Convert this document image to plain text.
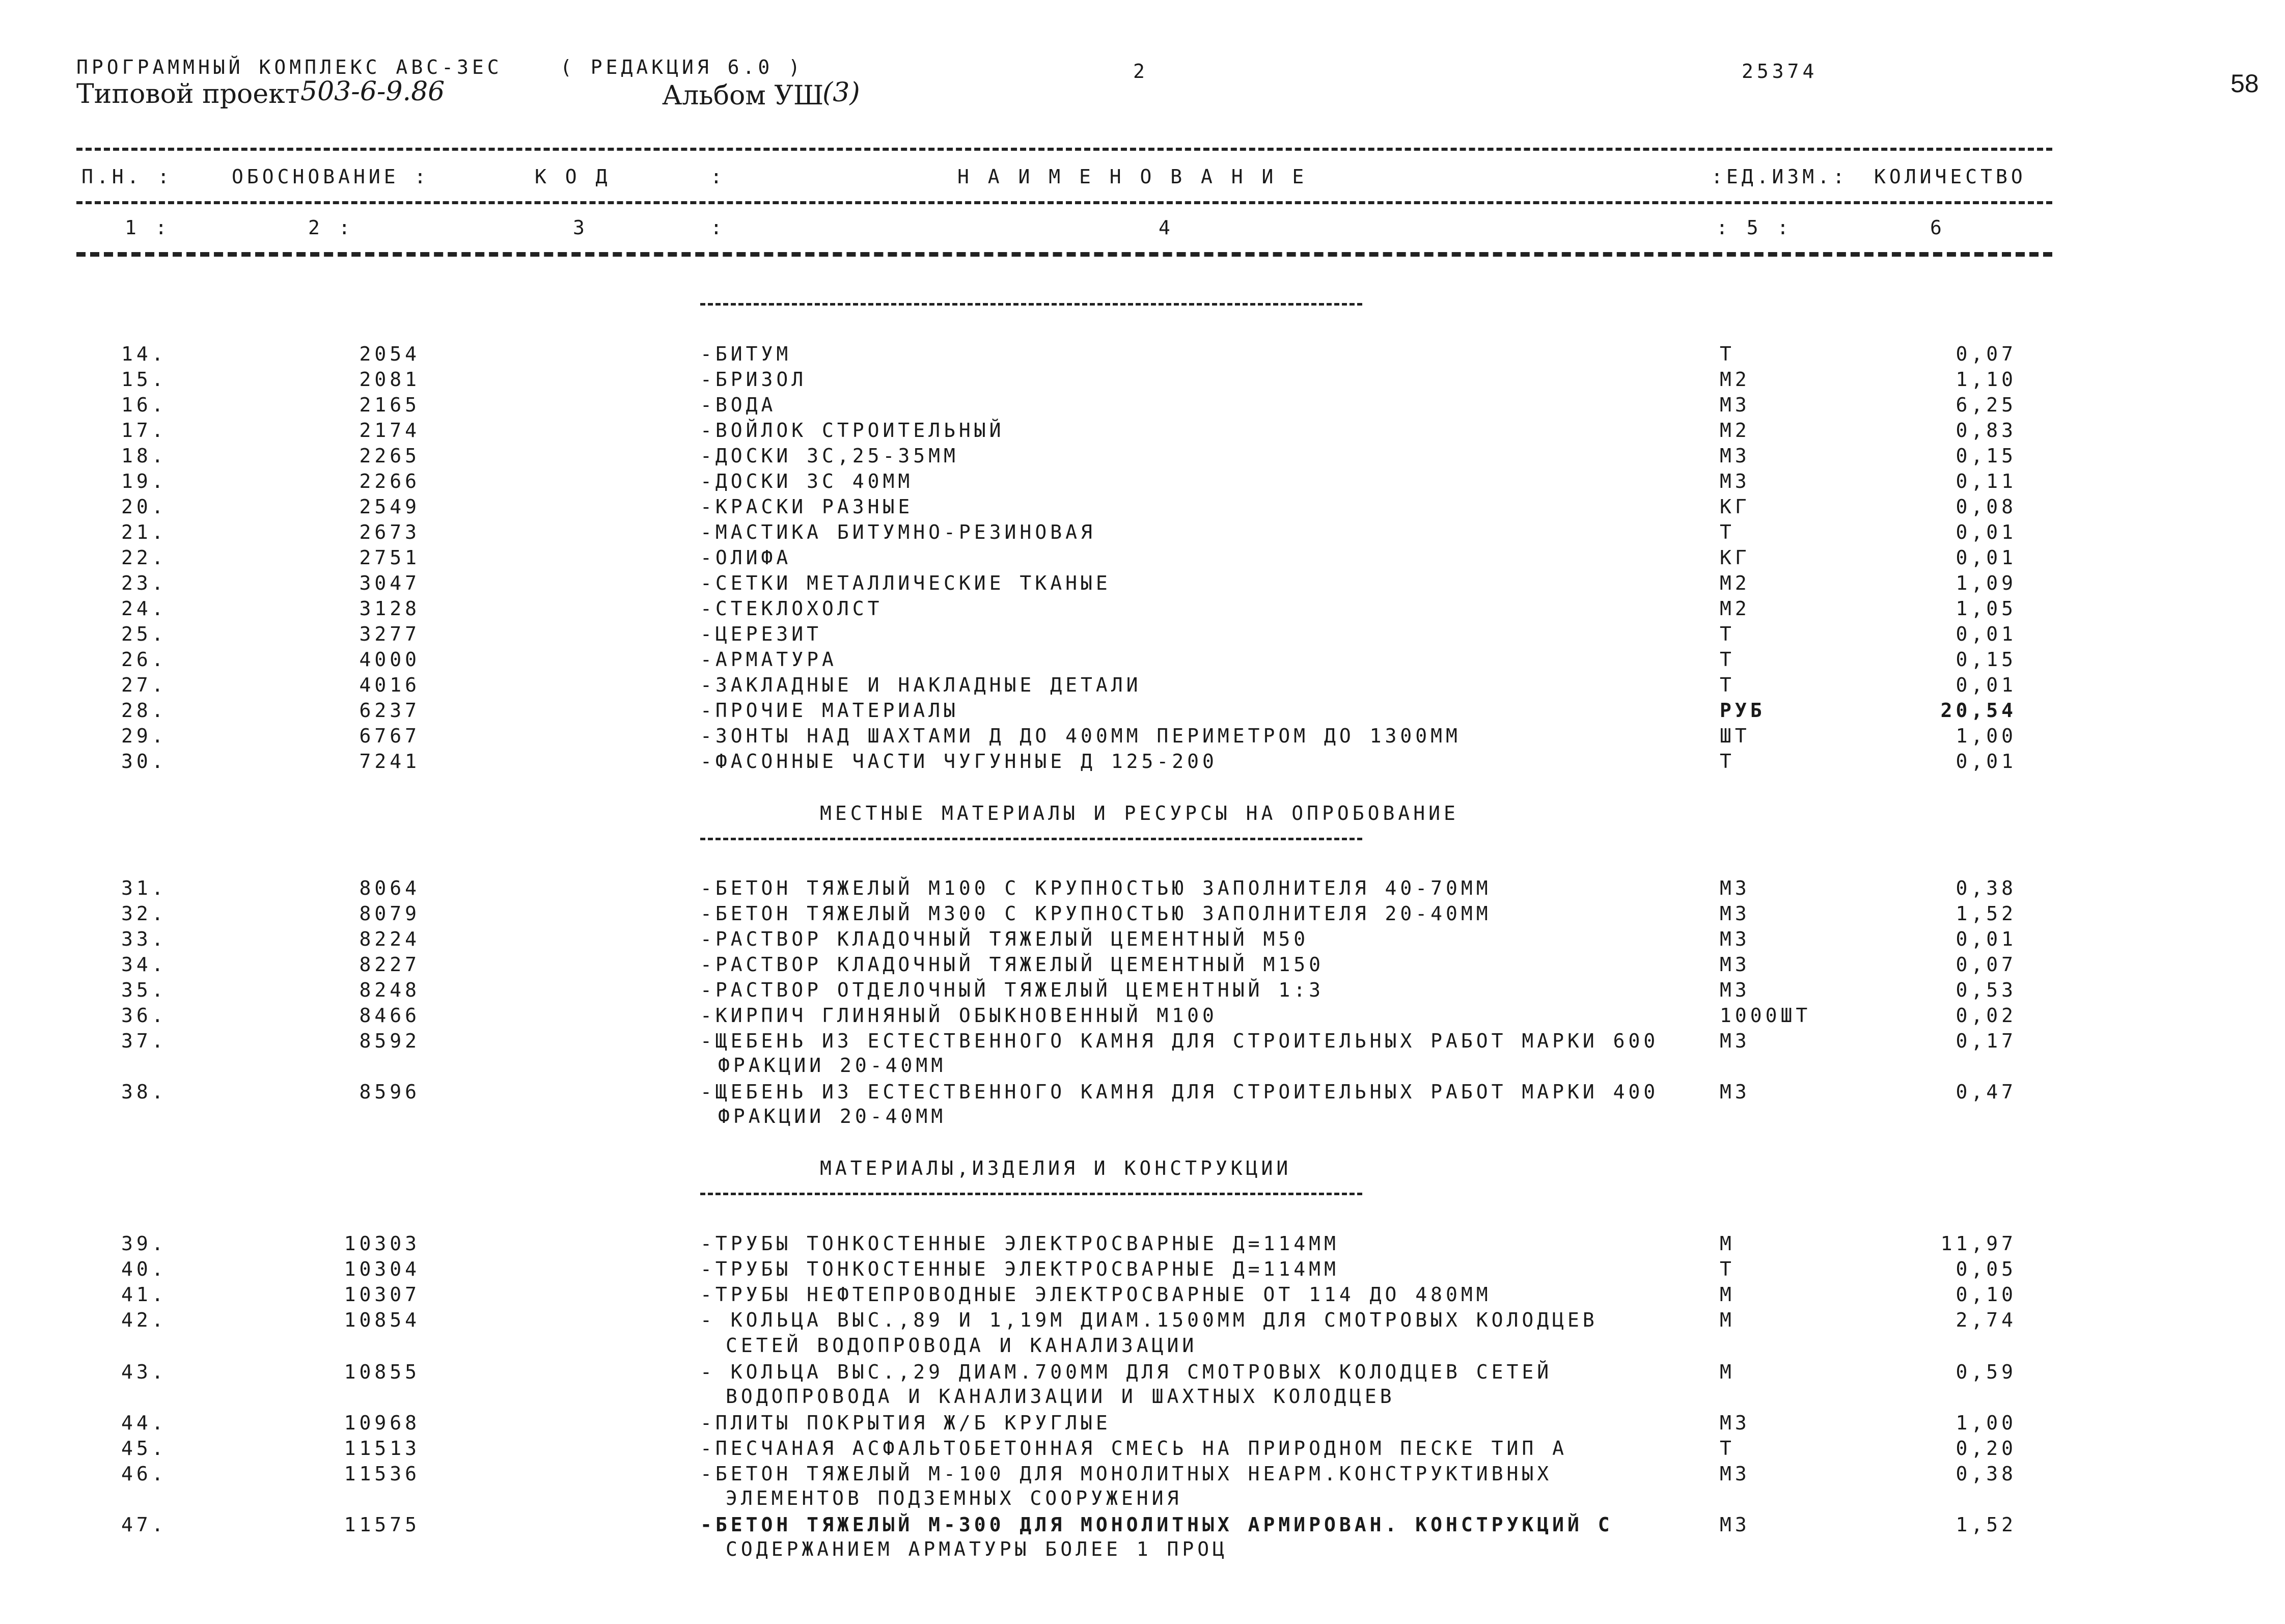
ПРОГРАММНЫЙ КОМПЛЕКС АВС-3ЕС	( РЕДАКЦИЯ 6.0 )	2	25374	58
Типовой проект 503-6-9.86	Альбом УШ
(3)
П.Н. :	ОБОСНОВАНИЕ :	К О Д	:	Н А И М Е Н О В А Н И Е	:ЕД.ИЗМ.: КОЛИЧЕСТВО
1 :	2 :	3	:	4	: 5 :	6
14.	2054	-БИТУМ	Т	0,07
15.	2081	-БРИЗОЛ	М2	1,10
16.	2165	-ВОДА	М3	6,25
17.	2174	-ВОЙЛОК СТРОИТЕЛЬНЫЙ	М2	0,83
18.	2265	-ДОСКИ 3С,25-35ММ	М3	0,15
19.	2266	-ДОСКИ 3С 40ММ	М3	0,11
20.	2549	-КРАСКИ РАЗНЫЕ	КГ	0,08
21.	2673	-МАСТИКА БИТУМНО-РЕЗИНОВАЯ	Т	0,01
22.	2751	-ОЛИФА	КГ	0,01
23.	3047	-СЕТКИ МЕТАЛЛИЧЕСКИЕ ТКАНЫЕ	М2	1,09
24.	3128	-СТЕКЛОХОЛСТ	М2	1,05
25.	3277	-ЦЕРЕЗИТ	Т	0,01
26.	4000	-АРМАТУРА	Т	0,15
27.	4016	-ЗАКЛАДНЫЕ И НАКЛАДНЫЕ ДЕТАЛИ	Т	0,01
28.	6237	-ПРОЧИЕ МАТЕРИАЛЫ	РУБ	20,54
29.	6767	-ЗОНТЫ НАД ШАХТАМИ Д ДО 400ММ ПЕРИМЕТРОМ ДО 1300ММ	ШТ	1,00
30.	7241	-ФАСОННЫЕ ЧАСТИ ЧУГУННЫЕ Д 125-200	Т	0,01
МЕСТНЫЕ МАТЕРИАЛЫ И РЕСУРСЫ НА ОПРОБОВАНИЕ
31.	8064	-БЕТОН ТЯЖЕЛЫЙ М100 С КРУПНОСТЬЮ ЗАПОЛНИТЕЛЯ 40-70ММ	М3	0,38
32.	8079	-БЕТОН ТЯЖЕЛЫЙ М300 С КРУПНОСТЬЮ ЗАПОЛНИТЕЛЯ 20-40ММ	М3	1,52
33.	8224	-РАСТВОР КЛАДОЧНЫЙ ТЯЖЕЛЫЙ ЦЕМЕНТНЫЙ М50	М3	0,01
34.	8227	-РАСТВОР КЛАДОЧНЫЙ ТЯЖЕЛЫЙ ЦЕМЕНТНЫЙ М150	М3	0,07
35.	8248	-РАСТВОР ОТДЕЛОЧНЫЙ ТЯЖЕЛЫЙ ЦЕМЕНТНЫЙ 1:3	М3	0,53
36.	8466	-КИРПИЧ ГЛИНЯНЫЙ ОБЫКНОВЕННЫЙ М100	1000ШТ	0,02
37.	8592	-ЩЕБЕНЬ ИЗ ЕСТЕСТВЕННОГО КАМНЯ ДЛЯ СТРОИТЕЛЬНЫХ РАБОТ МАРКИ 600	М3	0,17
ФРАКЦИИ 20-40ММ
38.	8596	-ЩЕБЕНЬ ИЗ ЕСТЕСТВЕННОГО КАМНЯ ДЛЯ СТРОИТЕЛЬНЫХ РАБОТ МАРКИ 400	М3	0,47
ФРАКЦИИ 20-40ММ
МАТЕРИАЛЫ,ИЗДЕЛИЯ И КОНСТРУКЦИИ
39.	10303	-ТРУБЫ ТОНКОСТЕННЫЕ ЭЛЕКТРОСВАРНЫЕ Д=114ММ	М	11,97
40.	10304	-ТРУБЫ ТОНКОСТЕННЫЕ ЭЛЕКТРОСВАРНЫЕ Д=114ММ	Т	0,05
41.	10307	-ТРУБЫ НЕФТЕПРОВОДНЫЕ ЭЛЕКТРОСВАРНЫЕ ОТ 114 ДО 480ММ	М	0,10
42.	10854	- КОЛЬЦА ВЫС.,89 И 1,19М ДИАМ.1500ММ ДЛЯ СМОТРОВЫХ КОЛОДЦЕВ	М	2,74
СЕТЕЙ ВОДОПРОВОДА И КАНАЛИЗАЦИИ
43.	10855	- КОЛЬЦА ВЫС.,29 ДИАМ.700ММ ДЛЯ СМОТРОВЫХ КОЛОДЦЕВ СЕТЕЙ	М	0,59
ВОДОПРОВОДА И КАНАЛИЗАЦИИ И ШАХТНЫХ КОЛОДЦЕВ
44.	10968	-ПЛИТЫ ПОКРЫТИЯ Ж/Б КРУГЛЫЕ	М3	1,00
45.	11513	-ПЕСЧАНАЯ АСФАЛЬТОБЕТОННАЯ СМЕСЬ НА ПРИРОДНОМ ПЕСКЕ ТИП А	Т	0,20
46.	11536	-БЕТОН ТЯЖЕЛЫЙ М-100 ДЛЯ МОНОЛИТНЫХ НЕАРМ.КОНСТРУКТИВНЫХ	М3	0,38
ЭЛЕМЕНТОВ ПОДЗЕМНЫХ СООРУЖЕНИЯ
47.	11575	-БЕТОН ТЯЖЕЛЫЙ М-300 ДЛЯ МОНОЛИТНЫХ АРМИРОВАН. КОНСТРУКЦИЙ С	М3	1,52
СОДЕРЖАНИЕМ АРМАТУРЫ БОЛЕЕ 1 ПРОЦ
